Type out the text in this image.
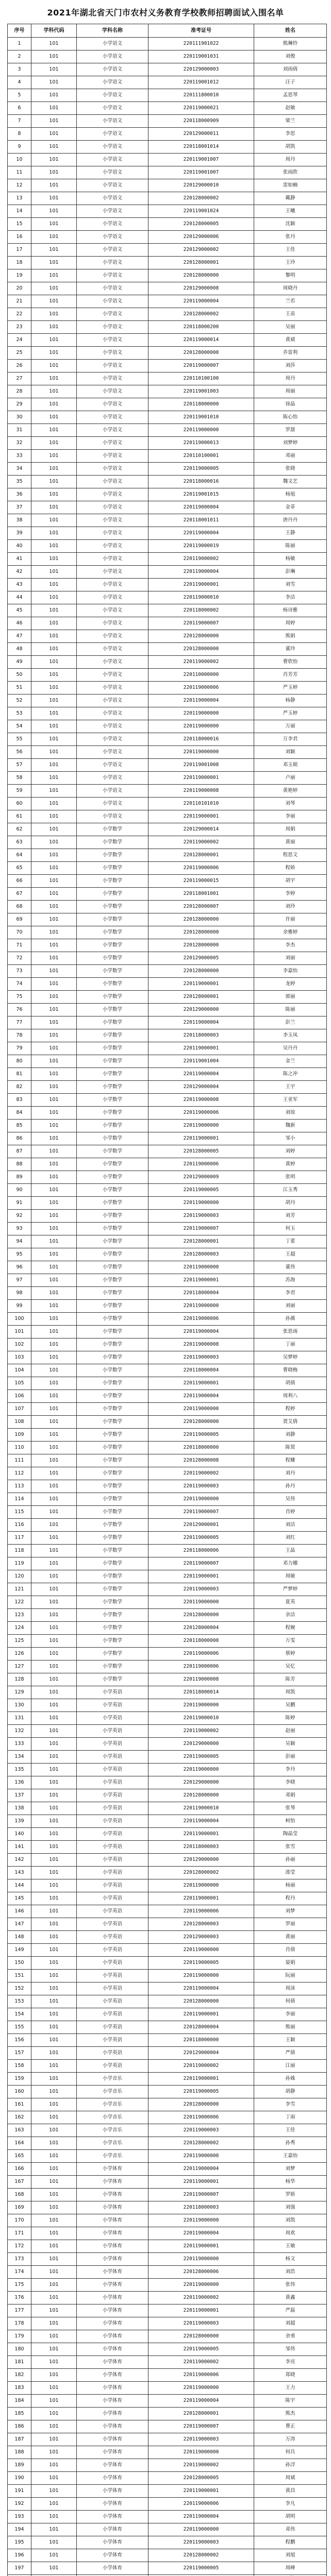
2021年湖北省天门市农村义务教育学校教师招聘面试入围名单
序号	学科代码	学科名称	准考证号	姓名
1	101	小学语文	220111901022	熊琳铃
2	101	小学语文	220119001031	刘俊
3	101	小学语文	220129000003	刘雨倩
4	101	小学语文	220119001012	汪子
5	101	小学语文	220111800010	孟思琴
6	101	小学语文	220119000021	赵敏
7	101	小学语文	220118000909	梁兰
8	101	小学语文	220129000011	李思
9	101	小学语文	220118001014	胡凯
10	101	小学语文	220119001007	周丹
11	101	小学语文	220119001007	张雨欣
12	101	小学语文	220129000010	雷如楠
13	101	小学语文	220128000002	戴静
14	101	小学语文	220119001024	王曦
15	101	小学语文	220128000005	沈颖
16	101	小学语文	220129000006	张丹
17	101	小学语文	220129000002	王佳
18	101	小学语文	220128000001	王玲
19	101	小学语文	220128000000	黎明
20	101	小学语文	220129000008	周晓丹
21	101	小学语文	220119000004	兰若
22	101	小学语文	220128000002	王苗
23	101	小学语文	220118000200	吴丽
24	101	小学语文	220119000014	黄斌
25	101	小学语文	220128000000	乔雷利
26	101	小学语文	220119000007	刘莎
27	101	小学语文	220110100100	周丹
28	101	小学语文	220119001003	周丽
29	101	小学语文	220118000000	徐晶
30	101	小学语文	220119001010	陈心怡
31	101	小学语文	220119000000	罗甜
32	101	小学语文	220119000013	刘梦婷
33	101	小学语文	220110100001	邓丽
34	101	小学语文	220119000005	张晓
35	101	小学语文	220118000016	魏文艺
36	101	小学语文	220119001015	杨旭
37	101	小学语文	220119000004	金菲
38	101	小学语文	220118001011	唐丹丹
39	101	小学语文	220119000004	王静
40	101	小学语文	220119000019	陈丽
41	101	小学语文	220119000002	杨敏
42	101	小学语文	220119000004	彭琳
43	101	小学语文	220119000001	刘雪
44	101	小学语文	220119000010	李洁
45	101	小学语文	220118000002	杨诗雅
46	101	小学语文	220119000007	周婷
47	101	小学语文	220128000000	熊娟
48	101	小学语文	220128000000	董玲
49	101	小学语文	220119000002	曹欣怡
50	101	小学语文	220110000000	肖芳芳
51	101	小学语文	220119000006	严玉婷
52	101	小学语文	220119000004	杨静
53	101	小学语文	220119000000	严玉婷
54	101	小学语文	220119000000	万丽
55	101	小学语文	220118000016	万李君
56	101	小学语文	220119000000	刘颖
57	101	小学语文	220119001008	邓玉娟
58	101	小学语文	220119000001	卢丽
59	101	小学语文	220119000008	黄艳婷
60	101	小学语文	220110101010	刘琴
61	101	小学语文	220119000001	李丽
62	101	小学数学	220129000014	周娟
63	101	小学数学	220119000002	黄丽
64	101	小学数学	220128000001	程思文
65	101	小学数学	220119000006	程娇
66	101	小学数学	220119000015	胡宇
67	101	小学数学	220118001001	李婷
68	101	小学数学	220128000007	刘玲
69	101	小学数学	220128000000	许丽
70	101	小学数学	220128000000	余雅婷
71	101	小学数学	220128000000	李杰
72	101	小学数学	220129000005	刘丽
73	101	小学数学	220128000000	李嘉怡
74	101	小学数学	220119000001	龙婷
75	101	小学数学	220128000001	郭丽
76	101	小学数学	220129000000	陈丽
77	101	小学数学	220119000004	彭兰
78	101	小学数学	220118000003	李玉凤
79	101	小学数学	220119000001	吴丹丹
80	101	小学数学	220119001004	金兰
81	101	小学数学	220119000004	陈之冲
82	101	小学数学	220129000004	王宇
83	101	小学数学	220119000008	王亚军
84	101	小学数学	220119000006	刘琼
85	101	小学数学	220119000000	魏新
86	101	小学数学	220119000001	邹小
87	101	小学数学	220128000005	刘婷
88	101	小学数学	220119000006	黄婷
89	101	小学数学	220129000009	张明
90	101	小学数学	220119000005	江玉秀
91	101	小学数学	220119000000	胡丹
92	101	小学数学	220119000003	刘芳
93	101	小学数学	220119000007	何玉
94	101	小学数学	220128000001	丁蕾
95	101	小学数学	220128000003	王超
96	101	小学数学	220119000000	董伟
97	101	小学数学	220119000001	苏海
98	101	小学数学	220118000004	李君
99	101	小学数学	220119000000	刘丽
100	101	小学数学	220119000006	孙薇
101	101	小学数学	220119000004	张思雨
102	101	小学数学	220119000008	丁丽
103	101	小学数学	220119000003	吴梦婷
104	101	小学数学	220118000004	曹晓梅
105	101	小学数学	220119000001	胡倩
106	101	小学数学	220119000004	周利八
107	101	小学数学	220119000000	程婷
108	101	小学数学	220128000000	贾艾倩
109	101	小学数学	220119000005	刘静
110	101	小学数学	220118000000	陈贤
111	101	小学数学	220128000008	程姗
112	101	小学数学	220119000002	刘丹
113	101	小学数学	220119000003	孙丹
114	101	小学数学	220119000000	吴伟
115	101	小学数学	220119000007	肖婷
116	101	小学数学	220129000001	刘洁
117	101	小学数学	220119000005	刘红
118	101	小学数学	220118000006	王晶
119	101	小学数学	220119000007	邓力娜
120	101	小学数学	220119000001	周敏
121	101	小学数学	220119000003	严梦婷
122	101	小学数学	220119000000	夏英
123	101	小学数学	220128000000	余洁
124	101	小学数学	220128000004	程婉
125	101	小学数学	220118000000	万雯
126	101	小学数学	220119000006	蔡婷
127	101	小学数学	220119000006	吴忆
128	101	小学数学	220119000008	陈芳
129	101	小学英语	220118000014	周凯
130	101	小学英语	220119000000	吴鹏
131	101	小学英语	220119000010	陈婷
132	101	小学英语	220119000002	赵丽
133	101	小学英语	220129000000	吴颖
134	101	小学英语	220119000005	彭丽
135	101	小学英语	220119000000	李丹
136	101	小学英语	220129000000	李晓
137	101	小学英语	220128000000	邓娟
138	101	小学英语	220119000010	张琴
139	101	小学英语	220119000004	柯怡
140	101	小学英语	220119000001	陶晶莹
141	101	小学英语	220118000003	张雪
142	101	小学英语	220129000000	孙丽
143	101	小学英语	220128000002	邵莹
144	101	小学英语	220119000000	杨丽
145	101	小学英语	220119000001	程丹
146	101	小学英语	220119000006	刘梦
147	101	小学英语	220128000003	罗丽
148	101	小学英语	220129000003	黄丽
149	101	小学英语	220119000000	肖倩
150	101	小学英语	220119000005	晏娟
151	101	小学英语	220119000000	阮丽
152	101	小学英语	220119000004	周沫
153	101	小学英语	220128000000	何倩
154	101	小学英语	220119000001	李丽
155	101	小学英语	220128000004	熊丽
156	101	小学英语	220118000000	王颖
157	101	小学英语	220129000004	严倩
158	101	小学英语	220119000002	江丽
159	101	小学音乐	220119000001	孙姝
160	101	小学音乐	220119000005	胡静
161	101	小学音乐	220128000000	李雪
162	101	小学音乐	220119000006	丁雨
163	101	小学音乐	220119000003	王佳
164	101	小学音乐	220128000002	孙秀
165	101	小学音乐	220119000000	王嘉怡
166	101	小学体育	220119000004	刘梦
167	101	小学体育	220119000001	杨华
168	101	小学体育	220119000007	罗娇
169	101	小学体育	220118000003	刘强
170	101	小学体育	220119000000	刘凯
171	101	小学体育	220119000004	周欢
172	101	小学体育	220119000001	王敏
173	101	小学体育	220119000000	杨文
174	101	小学体育	220128000006	刘浩
175	101	小学体育	220119000000	张伟
176	101	小学体育	220119000002	黄鑫
177	101	小学体育	220119000001	严磊
178	101	小学体育	220119000003	刘超
179	101	小学体育	220128000000	余勇
180	101	小学体育	220119000005	邹伟
181	101	小学体育	220119000002	李亮
182	101	小学体育	220119000006	郑晓
183	101	小学体育	220119000000	王力
184	101	小学体育	220119000004	陈宇
185	101	小学体育	220128000001	熊杰
186	101	小学体育	220119000007	曹正
187	101	小学体育	220119000003	万涛
188	101	小学体育	220119000000	何兵
189	101	小学体育	220119000002	孙洋
190	101	小学体育	220128000005	周斌
191	101	小学体育	220119000001	黄昌
192	101	小学体育	220119000006	李凡
193	101	小学体育	220119000004	胡明
194	101	小学体育	220119000000	邓伟
195	101	小学体育	220119000003	程鹏
196	101	小学体育	220128000002	刘旭
197	101	小学体育	220119000005	周峰
